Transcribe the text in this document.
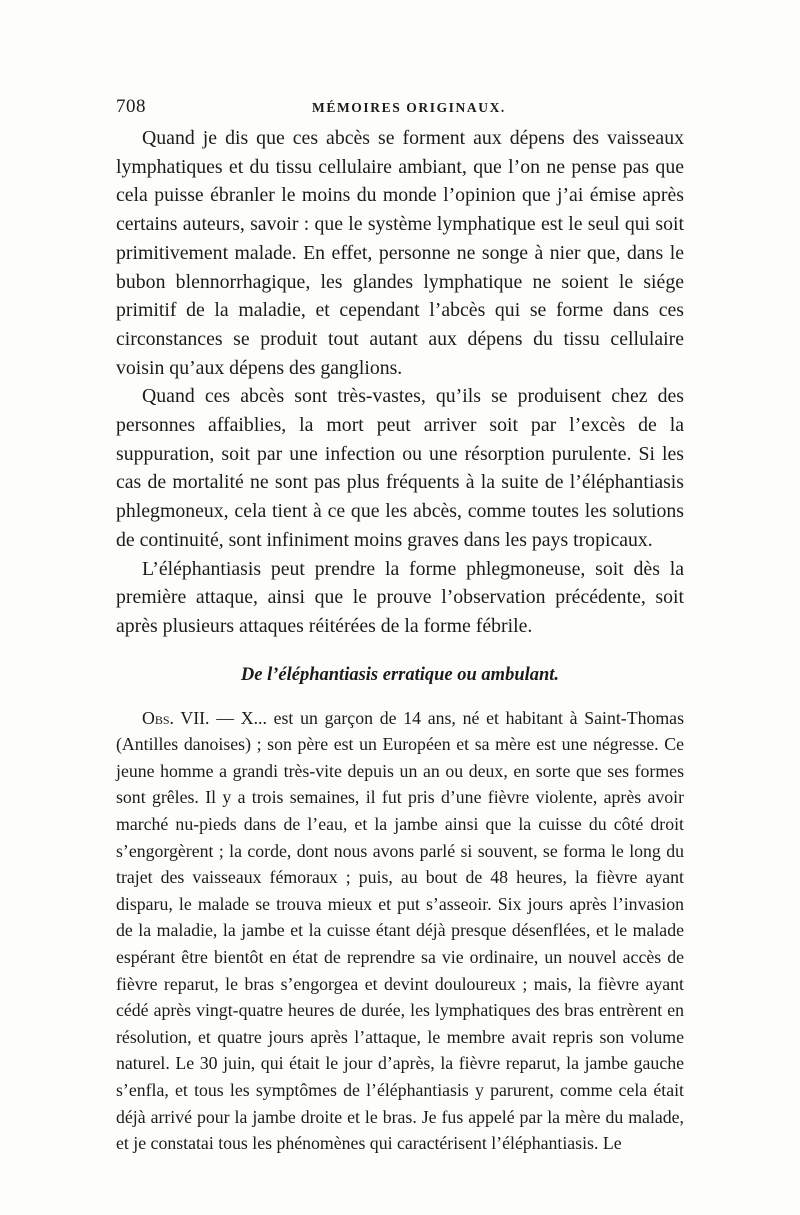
708	MÉMOIRES ORIGINAUX.

Quand je dis que ces abcès se forment aux dépens des vaisseaux lymphatiques et du tissu cellulaire ambiant, que l’on ne pense pas que cela puisse ébranler le moins du monde l’opinion que j’ai émise après certains auteurs, savoir : que le système lymphatique est le seul qui soit primitivement malade. En effet, personne ne songe à nier que, dans le bubon blennorrhagique, les glandes lymphatique ne soient le siége primitif de la maladie, et cependant l’abcès qui se forme dans ces circonstances se produit tout autant aux dépens du tissu cellulaire voisin qu’aux dépens des ganglions.

Quand ces abcès sont très-vastes, qu’ils se produisent chez des personnes affaiblies, la mort peut arriver soit par l’excès de la suppuration, soit par une infection ou une résorption purulente. Si les cas de mortalité ne sont pas plus fréquents à la suite de l’éléphantiasis phlegmoneux, cela tient à ce que les abcès, comme toutes les solutions de continuité, sont infiniment moins graves dans les pays tropicaux.

L’éléphantiasis peut prendre la forme phlegmoneuse, soit dès la première attaque, ainsi que le prouve l’observation précédente, soit après plusieurs attaques réitérées de la forme fébrile.

De l’éléphantiasis erratique ou ambulant.

Obs. VII. — X... est un garçon de 14 ans, né et habitant à Saint-Thomas (Antilles danoises) ; son père est un Européen et sa mère est une négresse. Ce jeune homme a grandi très-vite depuis un an ou deux, en sorte que ses formes sont grêles. Il y a trois semaines, il fut pris d’une fièvre violente, après avoir marché nu-pieds dans de l’eau, et la jambe ainsi que la cuisse du côté droit s’engorgèrent ; la corde, dont nous avons parlé si souvent, se forma le long du trajet des vaisseaux fémoraux ; puis, au bout de 48 heures, la fièvre ayant disparu, le malade se trouva mieux et put s’asseoir. Six jours après l’invasion de la maladie, la jambe et la cuisse étant déjà presque désenflées, et le malade espérant être bientôt en état de reprendre sa vie ordinaire, un nouvel accès de fièvre reparut, le bras s’engorgea et devint douloureux ; mais, la fièvre ayant cédé après vingt-quatre heures de durée, les lymphatiques des bras entrèrent en résolution, et quatre jours après l’attaque, le membre avait repris son volume naturel. Le 30 juin, qui était le jour d’après, la fièvre reparut, la jambe gauche s’enfla, et tous les symptômes de l’éléphantiasis y parurent, comme cela était déjà arrivé pour la jambe droite et le bras. Je fus appelé par la mère du malade, et je constatai tous les phénomènes qui caractérisent l’éléphantiasis. Le
